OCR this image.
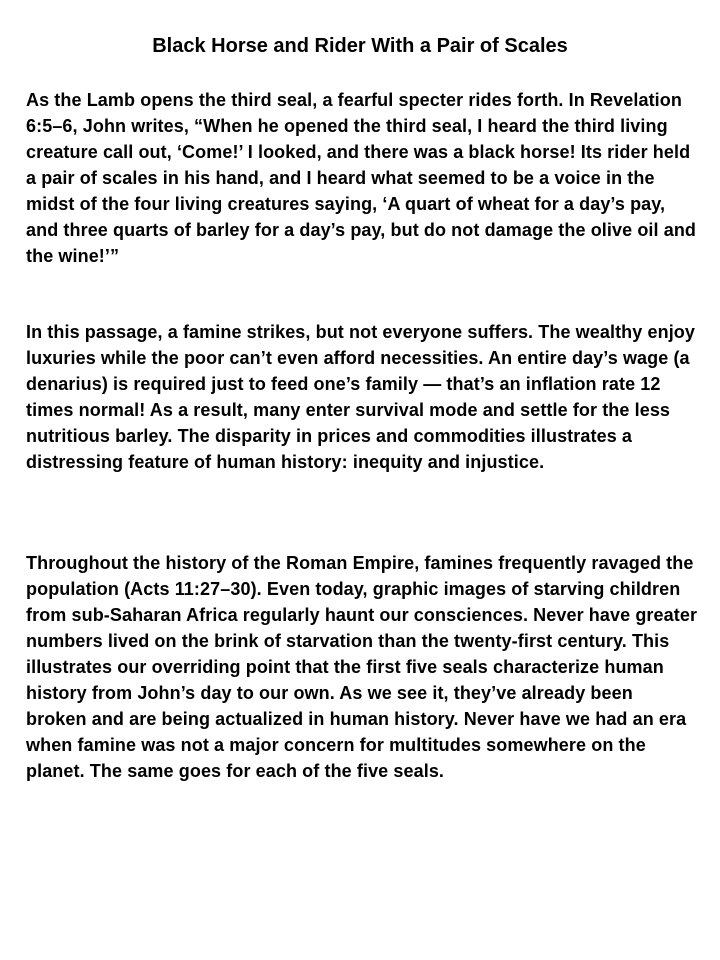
Black Horse and Rider With a Pair of Scales

As the Lamb opens the third seal, a fearful specter rides forth. In Revelation 6:5–6, John writes, “When he opened the third seal, I heard the third living creature call out, ‘Come!’ I looked, and there was a black horse! Its rider held a pair of scales in his hand, and I heard what seemed to be a voice in the midst of the four living creatures saying, ‘A quart of wheat for a day’s pay, and three quarts of barley for a day’s pay, but do not damage the olive oil and the wine!’”

In this passage, a famine strikes, but not everyone suffers. The wealthy enjoy luxuries while the poor can’t even afford necessities. An entire day’s wage (a denarius) is required just to feed one’s family — that’s an inflation rate 12 times normal! As a result, many enter survival mode and settle for the less nutritious barley. The disparity in prices and commodities illustrates a distressing feature of human history: inequity and injustice.

Throughout the history of the Roman Empire, famines frequently ravaged the population (Acts 11:27–30). Even today, graphic images of starving children from sub-Saharan Africa regularly haunt our consciences. Never have greater numbers lived on the brink of starvation than the twenty-first century. This illustrates our overriding point that the first five seals characterize human history from John’s day to our own. As we see it, they’ve already been broken and are being actualized in human history. Never have we had an era when famine was not a major concern for multitudes somewhere on the planet. The same goes for each of the five seals.
